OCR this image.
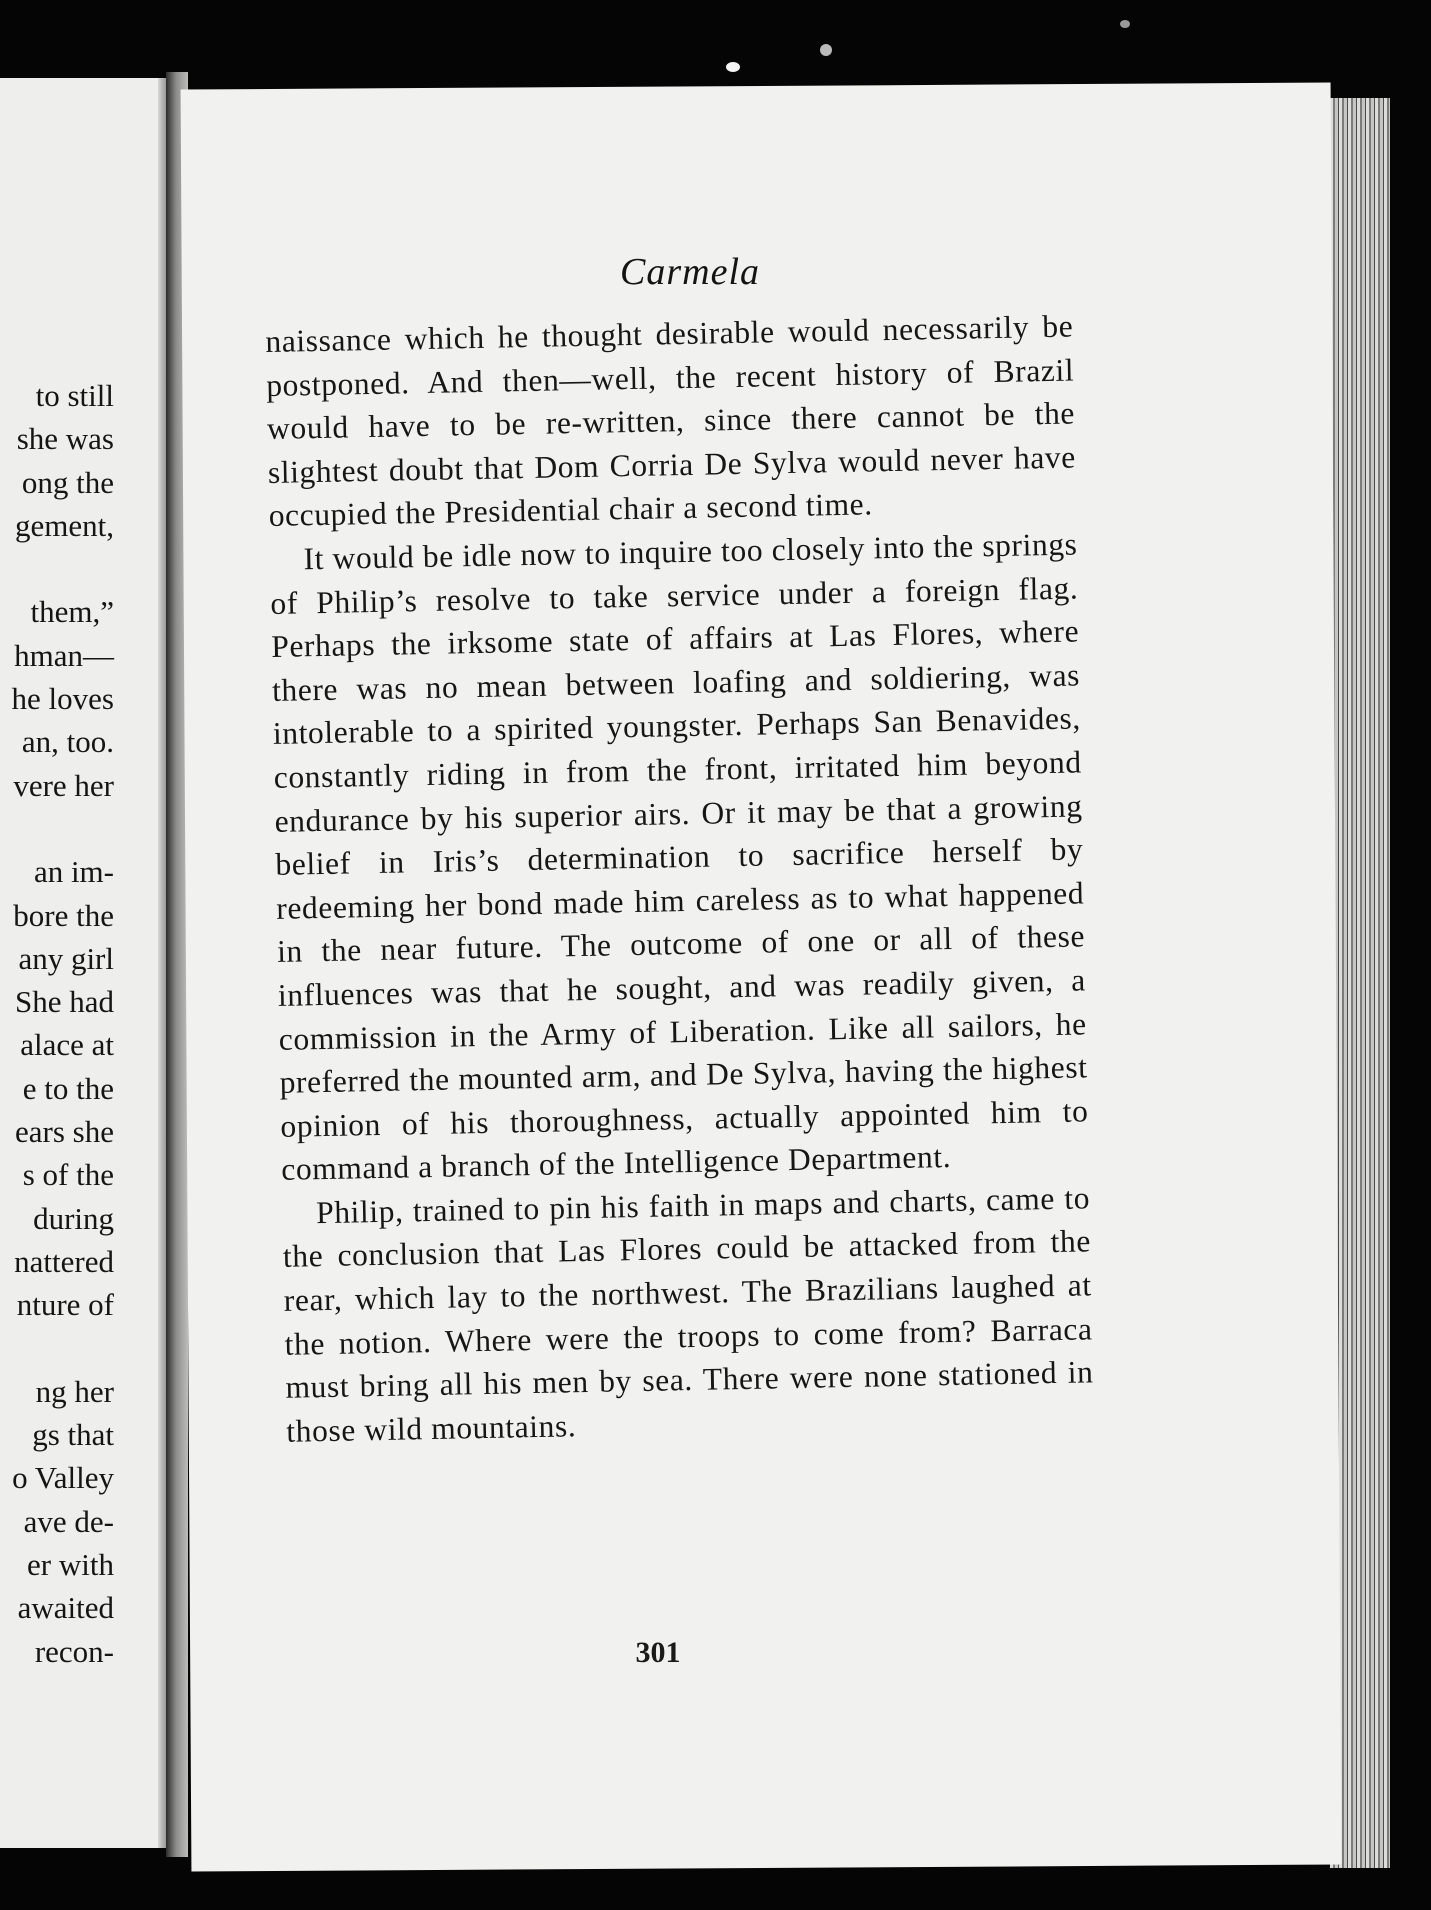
to still
she was
ong the
gement,
them,”
hman—
he loves
an, too.
vere her
an im-
bore the
any girl
She had
alace at
e to the
ears she
s of the
during
nattered
nture of
ng her
gs that
o Valley
ave de-
er with
awaited
recon-
Carmela

naissance which he thought desirable would necessarily be postponed. And then—well, the recent history of Brazil would have to be re-written, since there cannot be the slightest doubt that Dom Corria De Sylva would never have occupied the Presidential chair a second time.

It would be idle now to inquire too closely into the springs of Philip’s resolve to take service under a foreign flag. Perhaps the irksome state of affairs at Las Flores, where there was no mean between loafing and soldiering, was intolerable to a spirited youngster. Perhaps San Benavides, constantly riding in from the front, irritated him beyond endurance by his superior airs. Or it may be that a growing belief in Iris’s determination to sacrifice herself by redeeming her bond made him careless as to what happened in the near future. The outcome of one or all of these influences was that he sought, and was readily given, a commission in the Army of Liberation. Like all sailors, he preferred the mounted arm, and De Sylva, having the highest opinion of his thoroughness, actually appointed him to command a branch of the Intelligence Department.

Philip, trained to pin his faith in maps and charts, came to the conclusion that Las Flores could be attacked from the rear, which lay to the northwest. The Brazilians laughed at the notion. Where were the troops to come from? Barraca must bring all his men by sea. There were none stationed in those wild mountains.

301
